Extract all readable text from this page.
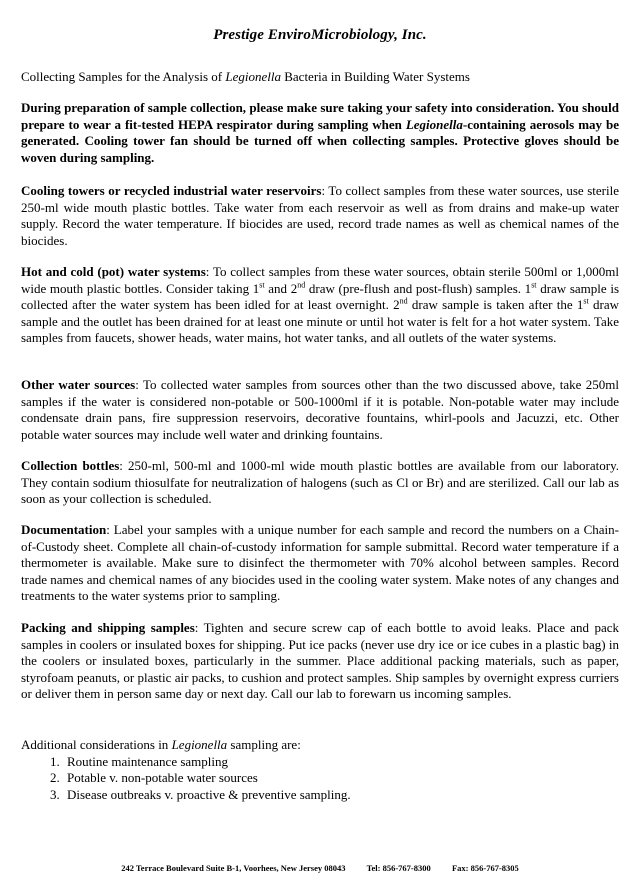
Prestige EnviroMicrobiology, Inc.
Collecting Samples for the Analysis of Legionella Bacteria in Building Water Systems
During preparation of sample collection, please make sure taking your safety into consideration. You should prepare to wear a fit-tested HEPA respirator during sampling when Legionella-containing aerosols may be generated. Cooling tower fan should be turned off when collecting samples. Protective gloves should be woven during sampling.
Cooling towers or recycled industrial water reservoirs: To collect samples from these water sources, use sterile 250-ml wide mouth plastic bottles. Take water from each reservoir as well as from drains and make-up water supply. Record the water temperature. If biocides are used, record trade names as well as chemical names of the biocides.
Hot and cold (pot) water systems: To collect samples from these water sources, obtain sterile 500ml or 1,000ml wide mouth plastic bottles. Consider taking 1st and 2nd draw (pre-flush and post-flush) samples. 1st draw sample is collected after the water system has been idled for at least overnight. 2nd draw sample is taken after the 1st draw sample and the outlet has been drained for at least one minute or until hot water is felt for a hot water system. Take samples from faucets, shower heads, water mains, hot water tanks, and all outlets of the water systems.
Other water sources: To collected water samples from sources other than the two discussed above, take 250ml samples if the water is considered non-potable or 500-1000ml if it is potable. Non-potable water may include condensate drain pans, fire suppression reservoirs, decorative fountains, whirl-pools and Jacuzzi, etc. Other potable water sources may include well water and drinking fountains.
Collection bottles: 250-ml, 500-ml and 1000-ml wide mouth plastic bottles are available from our laboratory. They contain sodium thiosulfate for neutralization of halogens (such as Cl or Br) and are sterilized. Call our lab as soon as your collection is scheduled.
Documentation: Label your samples with a unique number for each sample and record the numbers on a Chain-of-Custody sheet. Complete all chain-of-custody information for sample submittal. Record water temperature if a thermometer is available. Make sure to disinfect the thermometer with 70% alcohol between samples. Record trade names and chemical names of any biocides used in the cooling water system. Make notes of any changes and treatments to the water systems prior to sampling.
Packing and shipping samples: Tighten and secure screw cap of each bottle to avoid leaks. Place and pack samples in coolers or insulated boxes for shipping. Put ice packs (never use dry ice or ice cubes in a plastic bag) in the coolers or insulated boxes, particularly in the summer. Place additional packing materials, such as paper, styrofoam peanuts, or plastic air packs, to cushion and protect samples. Ship samples by overnight express curriers or deliver them in person same day or next day. Call our lab to forewarn us incoming samples.
Additional considerations in Legionella sampling are:
1. Routine maintenance sampling
2. Potable v. non-potable water sources
3. Disease outbreaks v. proactive & preventive sampling.
242 Terrace Boulevard Suite B-1, Voorhees, New Jersey 08043 Tel: 856-767-8300	Fax: 856-767-8305
